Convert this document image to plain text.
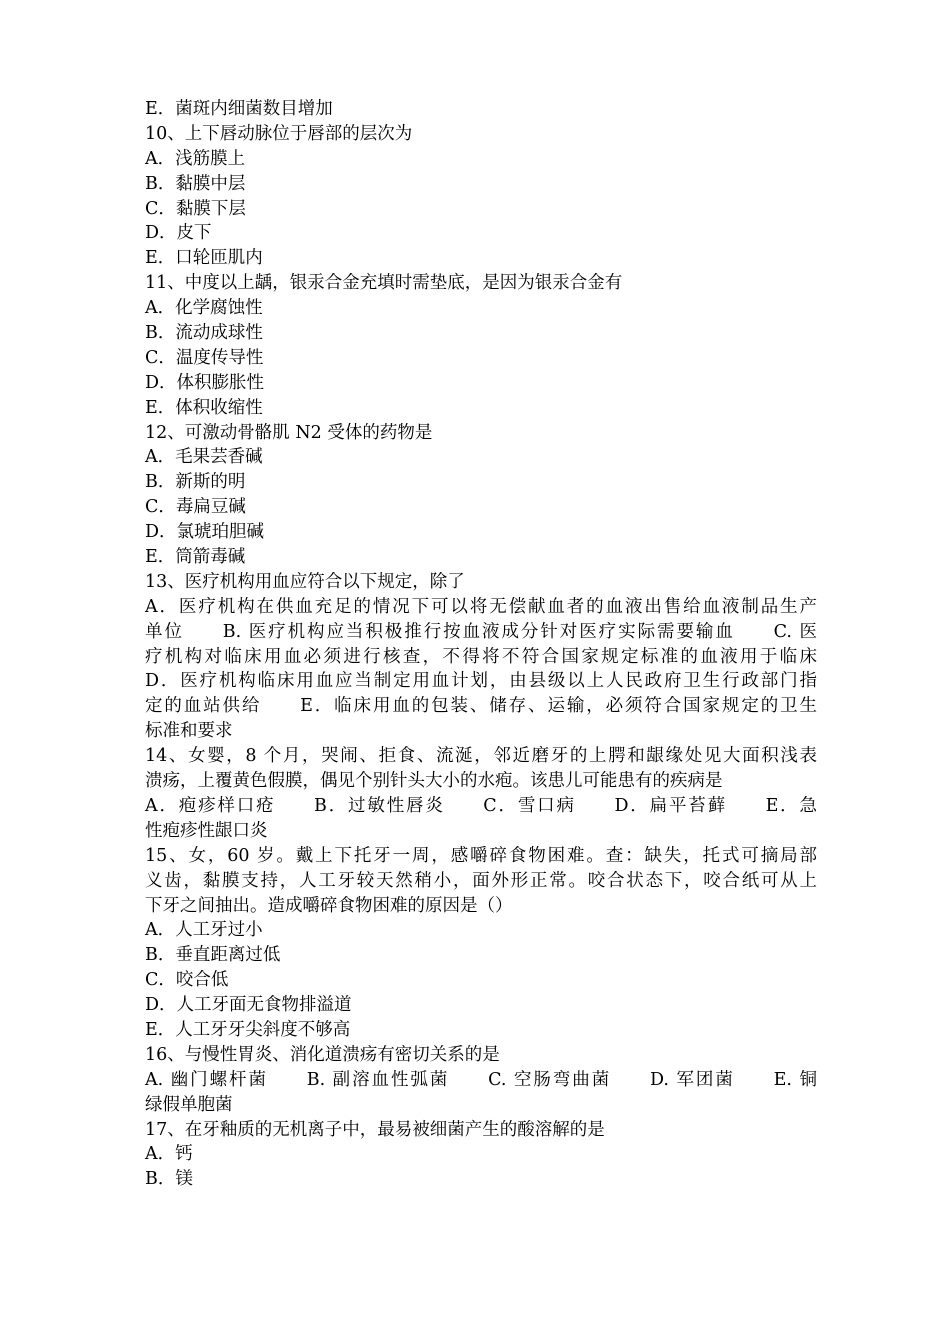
E．菌斑内细菌数目增加
10、上下唇动脉位于唇部的层次为
A．浅筋膜上
B．黏膜中层
C．黏膜下层
D．皮下
E．口轮匝肌内
11、中度以上龋，银汞合金充填时需垫底，是因为银汞合金有
A．化学腐蚀性
B．流动成球性
C．温度传导性
D．体积膨胀性
E．体积收缩性
12、可激动骨骼肌 N2 受体的药物是
A．毛果芸香碱
B．新斯的明
C．毒扁豆碱
D．氯琥珀胆碱
E．筒箭毒碱
13、医疗机构用血应符合以下规定，除了
A．医疗机构在供血充足的情况下可以将无偿献血者的血液出售给血液制品生产
单位　　B. 医疗机构应当积极推行按血液成分针对医疗实际需要输血　　C. 医
疗机构对临床用血必须进行核查，不得将不符合国家规定标准的血液用于临床
D．医疗机构临床用血应当制定用血计划，由县级以上人民政府卫生行政部门指
定的血站供给　　E．临床用血的包装、储存、运输，必须符合国家规定的卫生
标准和要求
14、女婴，8 个月，哭闹、拒食、流涎，邻近磨牙的上腭和龈缘处见大面积浅表
溃疡，上覆黄色假膜，偶见个别针头大小的水疱。该患儿可能患有的疾病是
A．疱疹样口疮　　B．过敏性唇炎　　C．雪口病　　D．扁平苔藓　　E．急
性疱疹性龈口炎
15、女，60 岁。戴上下托牙一周，感嚼碎食物困难。查：缺失，托式可摘局部
义齿，黏膜支持，人工牙较天然稍小，面外形正常。咬合状态下，咬合纸可从上
下牙之间抽出。造成嚼碎食物困难的原因是（）
A．人工牙过小
B．垂直距离过低
C．咬合低
D．人工牙面无食物排溢道
E．人工牙牙尖斜度不够高
16、与慢性胃炎、消化道溃疡有密切关系的是
A. 幽门螺杆菌　　B. 副溶血性弧菌　　C. 空肠弯曲菌　　D. 军团菌　　E. 铜
绿假单胞菌
17、在牙釉质的无机离子中，最易被细菌产生的酸溶解的是
A．钙
B．镁
